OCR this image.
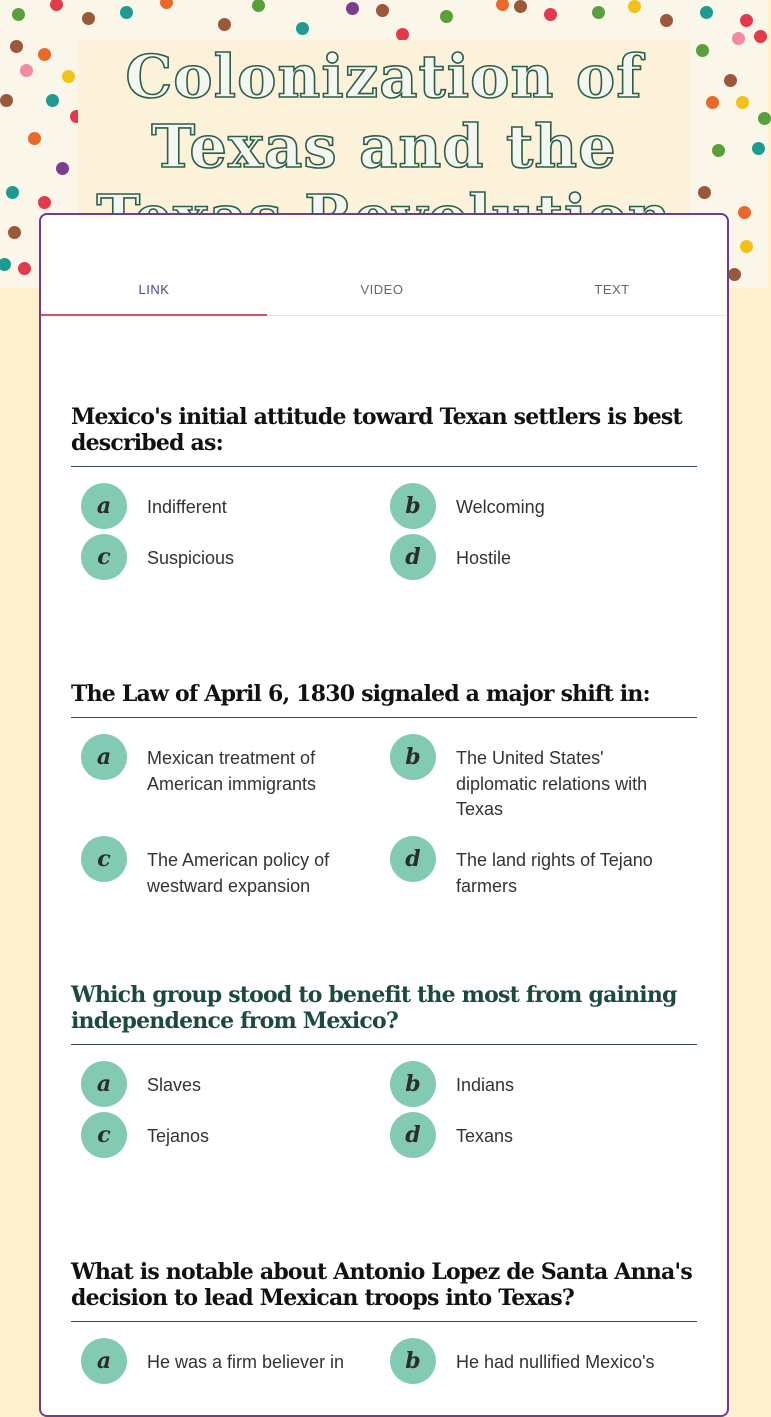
Colonization of Texas and the
LINK	VIDEO	TEXT

Mexico's initial attitude toward Texan settlers is best described as:

a	Indifferent	b	Welcoming
c	Suspicious	d	Hostile

The Law of April 6, 1830 signaled a major shift in:

a	Mexican treatment of American immigrants
b	The United States' diplomatic relations with Texas
c	The American policy of westward expansion
d	The land rights of Tejano farmers

Which group stood to benefit the most from gaining independence from Mexico?

a	Slaves	b	Indians
c	Tejanos	d	Texans

What is notable about Antonio Lopez de Santa Anna's decision to lead Mexican troops into Texas?

a	He was a firm believer in	b	He had nullified Mexico's
